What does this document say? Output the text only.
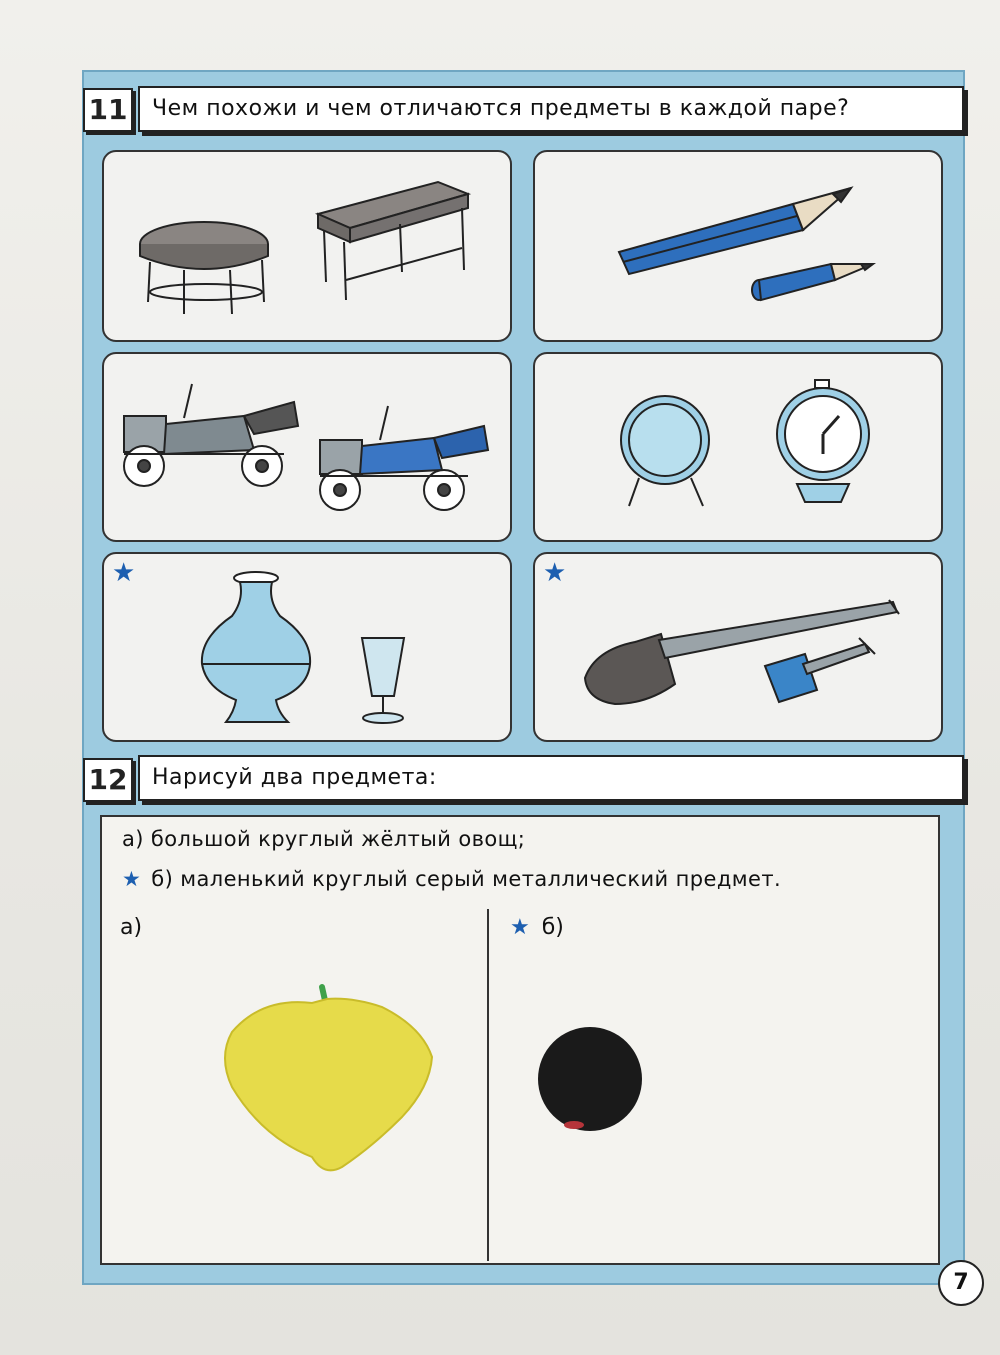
11	Чем похожи и чем отличаются предметы в каждой паре?
★	★
12	Нарисуй два предмета:
а) большой круглый жёлтый овощ;
★ б) маленький круглый серый металлический предмет.
а)	★ б)
7
